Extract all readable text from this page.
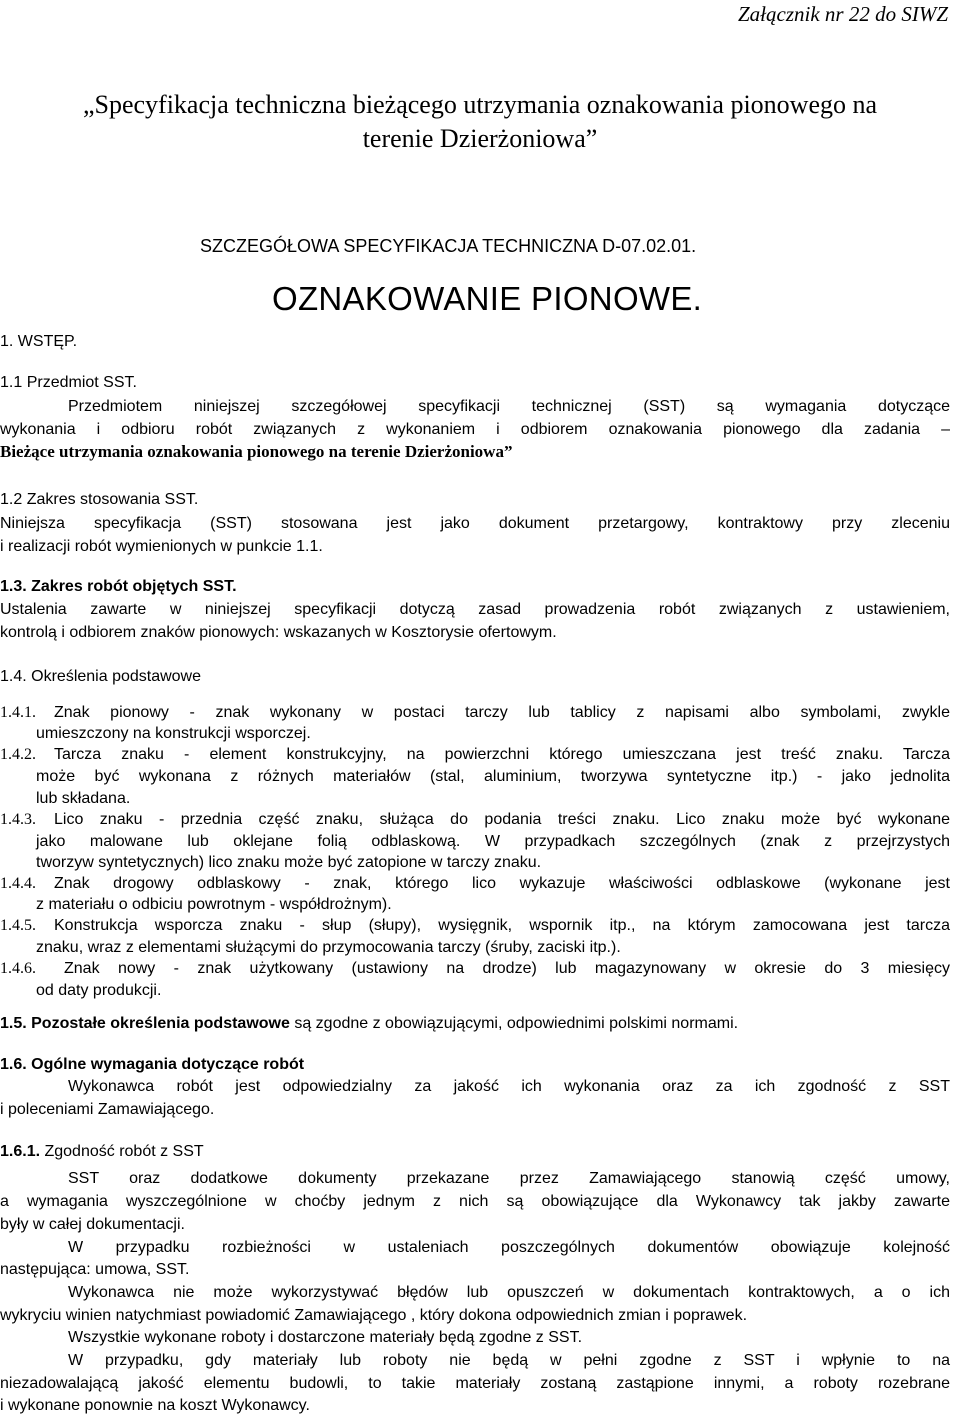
Załącznik nr 22 do SIWZ
„Specyfikacja techniczna bieżącego utrzymania oznakowania pionowego na
terenie Dzierżoniowa”
SZCZEGÓŁOWA SPECYFIKACJA TECHNICZNA D-07.02.01.
OZNAKOWANIE PIONOWE.
1. WSTĘP.
1.1 Przedmiot SST.
Przedmiotem niniejszej szczegółowej specyfikacji technicznej (SST) są wymagania dotyczące
wykonania i odbioru robót związanych z wykonaniem i odbiorem oznakowania pionowego dla zadania –
Bieżące utrzymania oznakowania pionowego na terenie Dzierżoniowa”
1.2 Zakres stosowania SST.
Niniejsza specyfikacja (SST) stosowana jest jako dokument przetargowy, kontraktowy przy zleceniu
i realizacji robót wymienionych w punkcie 1.1.
1.3. Zakres robót objętych SST.
Ustalenia zawarte w niniejszej specyfikacji dotyczą zasad prowadzenia robót związanych z ustawieniem,
kontrolą i odbiorem znaków pionowych: wskazanych w Kosztorysie ofertowym.
1.4. Określenia podstawowe
1.4.1. Znak pionowy - znak wykonany w postaci tarczy lub tablicy z napisami albo symbolami, zwykle
umieszczony na konstrukcji wsporczej.
1.4.2. Tarcza znaku - element konstrukcyjny, na powierzchni którego umieszczana jest treść znaku. Tarcza
może być wykonana z różnych materiałów (stal, aluminium, tworzywa syntetyczne itp.) - jako jednolita
lub składana.
1.4.3. Lico znaku - przednia część znaku, służąca do podania treści znaku. Lico znaku może być wykonane
jako malowane lub oklejane folią odblaskową. W przypadkach szczególnych (znak z przejrzystych
tworzyw syntetycznych) lico znaku może być zatopione w tarczy znaku.
1.4.4. Znak drogowy odblaskowy - znak, którego lico wykazuje właściwości odblaskowe (wykonane jest
z materiału o odbiciu powrotnym - współdrożnym).
1.4.5. Konstrukcja wsporcza znaku - słup (słupy), wysięgnik, wspornik itp., na którym zamocowana jest tarcza
znaku, wraz z elementami służącymi do przymocowania tarczy (śruby, zaciski itp.).
1.4.6. Znak nowy - znak użytkowany (ustawiony na drodze) lub magazynowany w okresie do 3 miesięcy
od daty produkcji.
1.5. Pozostałe określenia podstawowe są zgodne z obowiązującymi, odpowiednimi polskimi normami.
1.6. Ogólne wymagania dotyczące robót
Wykonawca robót jest odpowiedzialny za jakość ich wykonania oraz za ich zgodność z SST
i poleceniami Zamawiającego.
1.6.1. Zgodność robót z SST
SST oraz dodatkowe dokumenty przekazane przez Zamawiającego stanowią część umowy,
a wymagania wyszczególnione w choćby jednym z nich są obowiązujące dla Wykonawcy tak jakby zawarte
były w całej dokumentacji.
W przypadku rozbieżności w ustaleniach poszczególnych dokumentów obowiązuje kolejność
następująca: umowa, SST.
Wykonawca nie może wykorzystywać błędów lub opuszczeń w dokumentach kontraktowych, a o ich
wykryciu winien natychmiast powiadomić Zamawiającego , który dokona odpowiednich zmian i poprawek.
Wszystkie wykonane roboty i dostarczone materiały będą zgodne z SST.
W przypadku, gdy materiały lub roboty nie będą w pełni zgodne z SST i wpłynie to na
niezadowalającą jakość elementu budowli, to takie materiały zostaną zastąpione innymi, a roboty rozebrane
i wykonane ponownie na koszt Wykonawcy.
